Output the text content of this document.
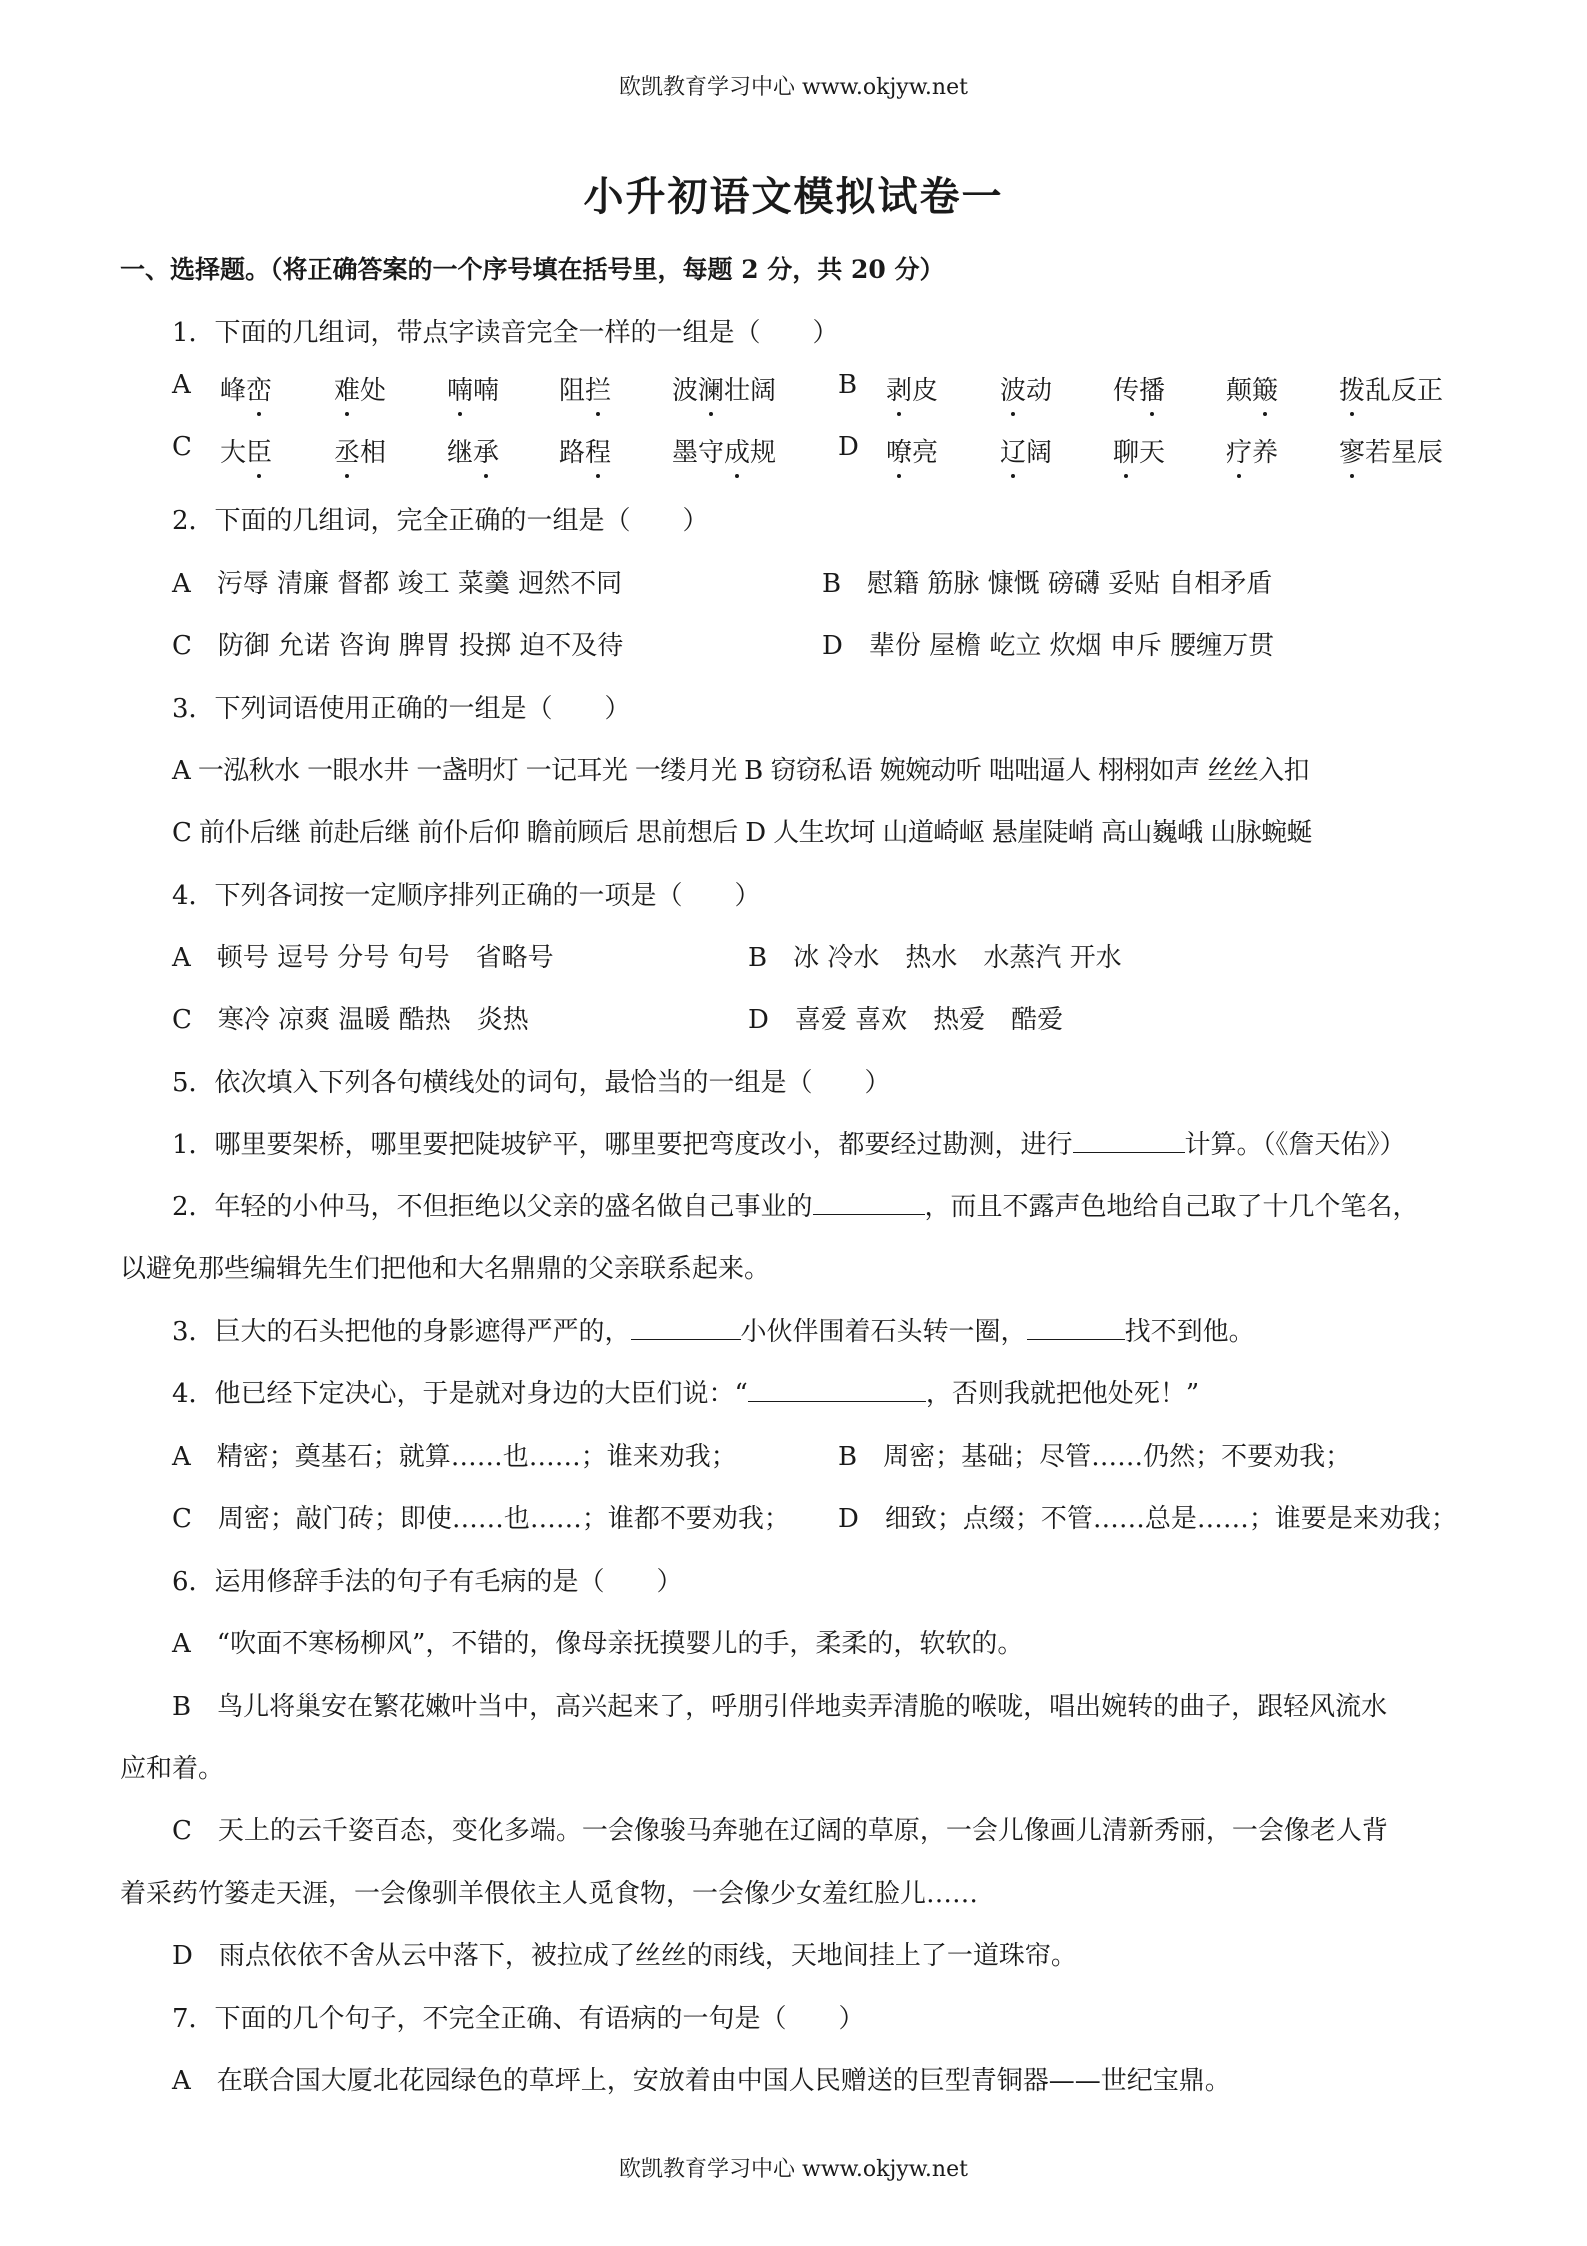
欧凯教育学习中心 www.okjyw.net
小升初语文模拟试卷一
一、选择题。（将正确答案的一个序号填在括号里，每题 2 分，共 20 分）
1．下面的几组词，带点字读音完全一样的一组是（　　）
A 峰峦 难处 喃喃 阻拦 波澜壮阔 B 剥皮 波动 传播 颠簸 拨乱反正
C 大臣 丞相 继承 路程 墨守成规 D 嘹亮 辽阔 聊天 疗养 寥若星辰
2．下面的几组词，完全正确的一组是（　　）
A　污辱 清廉 督都 竣工 菜羹 迥然不同	B　慰籍 筋脉 慷慨 磅礴 妥贴 自相矛盾
C　防御 允诺 咨询 脾胃 投掷 迫不及待	D　辈份 屋檐 屹立 炊烟 申斥 腰缠万贯
3．下列词语使用正确的一组是（　　）
A 一泓秋水 一眼水井 一盏明灯 一记耳光 一缕月光 B 窃窃私语 婉婉动听 咄咄逼人 栩栩如声 丝丝入扣
C 前仆后继 前赴后继 前仆后仰 瞻前顾后 思前想后 D 人生坎坷 山道崎岖 悬崖陡峭 高山巍峨 山脉蜿蜒
4．下列各词按一定顺序排列正确的一项是（　　）
A　顿号 逗号 分号 句号　省略号	B　冰 冷水　热水　水蒸汽 开水
C　寒冷 凉爽 温暖 酷热　炎热	D　喜爱 喜欢　热爱　酷爱
5．依次填入下列各句横线处的词句，最恰当的一组是（　　）
1．哪里要架桥，哪里要把陡坡铲平，哪里要把弯度改小，都要经过勘测，进行	计算。（《詹天佑》）
2．年轻的小仲马，不但拒绝以父亲的盛名做自己事业的	，而且不露声色地给自己取了十几个笔名，
以避免那些编辑先生们把他和大名鼎鼎的父亲联系起来。
3．巨大的石头把他的身影遮得严严的，	小伙伴围着石头转一圈，	找不到他。
4．他已经下定决心，于是就对身边的大臣们说：“	，否则我就把他处死！”
A　精密；奠基石；就算……也……；谁来劝我；	B　周密；基础；尽管……仍然；不要劝我；
C　周密；敲门砖；即使……也……；谁都不要劝我； D　细致；点缀；不管……总是……；谁要是来劝我；
6．运用修辞手法的句子有毛病的是（　　）
A　“吹面不寒杨柳风”，不错的，像母亲抚摸婴儿的手，柔柔的，软软的。
B　鸟儿将巢安在繁花嫩叶当中，高兴起来了，呼朋引伴地卖弄清脆的喉咙，唱出婉转的曲子，跟轻风流水
应和着。
C　天上的云千姿百态，变化多端。一会像骏马奔驰在辽阔的草原，一会儿像画儿清新秀丽，一会像老人背
着采药竹篓走天涯，一会像驯羊偎依主人觅食物，一会像少女羞红脸儿……
D　雨点依依不舍从云中落下，被拉成了丝丝的雨线，天地间挂上了一道珠帘。
7．下面的几个句子，不完全正确、有语病的一句是（　　）
A　在联合国大厦北花园绿色的草坪上，安放着由中国人民赠送的巨型青铜器——世纪宝鼎。
欧凯教育学习中心 www.okjyw.net
